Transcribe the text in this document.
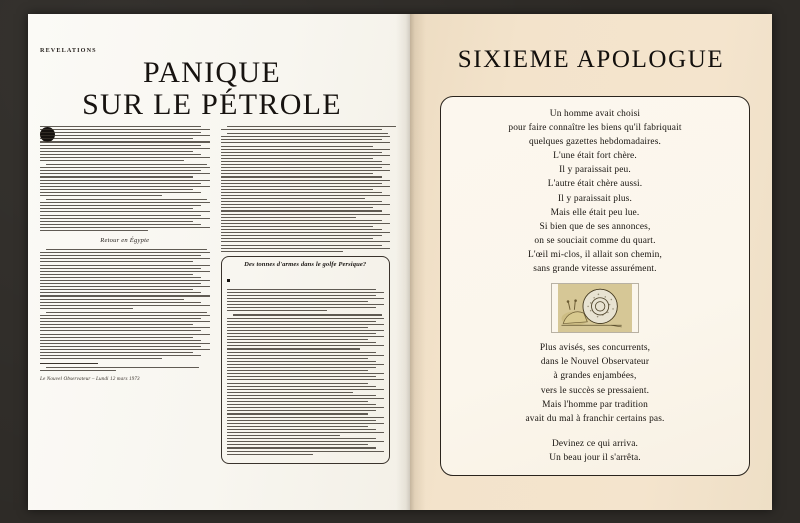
REVELATIONS
PANIQUE
SUR LE PÉTROLE
Retour en Égypte
Le Nouvel Observateur – Lundi 12 mars 1973
Des tonnes d'armes dans le golfe Persique?
SIXIEME APOLOGUE
Un homme avait choisi
pour faire connaître les biens qu'il fabriquait
quelques gazettes hebdomadaires.
L'une était fort chère.
Il y paraissait peu.
L'autre était chère aussi.
Il y paraissait plus.
Mais elle était peu lue.
Si bien que de ses annonces,
on se souciait comme du quart.
L'œil mi-clos, il allait son chemin,
sans grande vitesse assurément.
Plus avisés, ses concurrents,
dans le Nouvel Observateur
à grandes enjambées,
vers le succès se pressaient.
Mais l'homme par tradition
avait du mal à franchir certains pas.
Devinez ce qui arriva.
Un beau jour il s'arrêta.
